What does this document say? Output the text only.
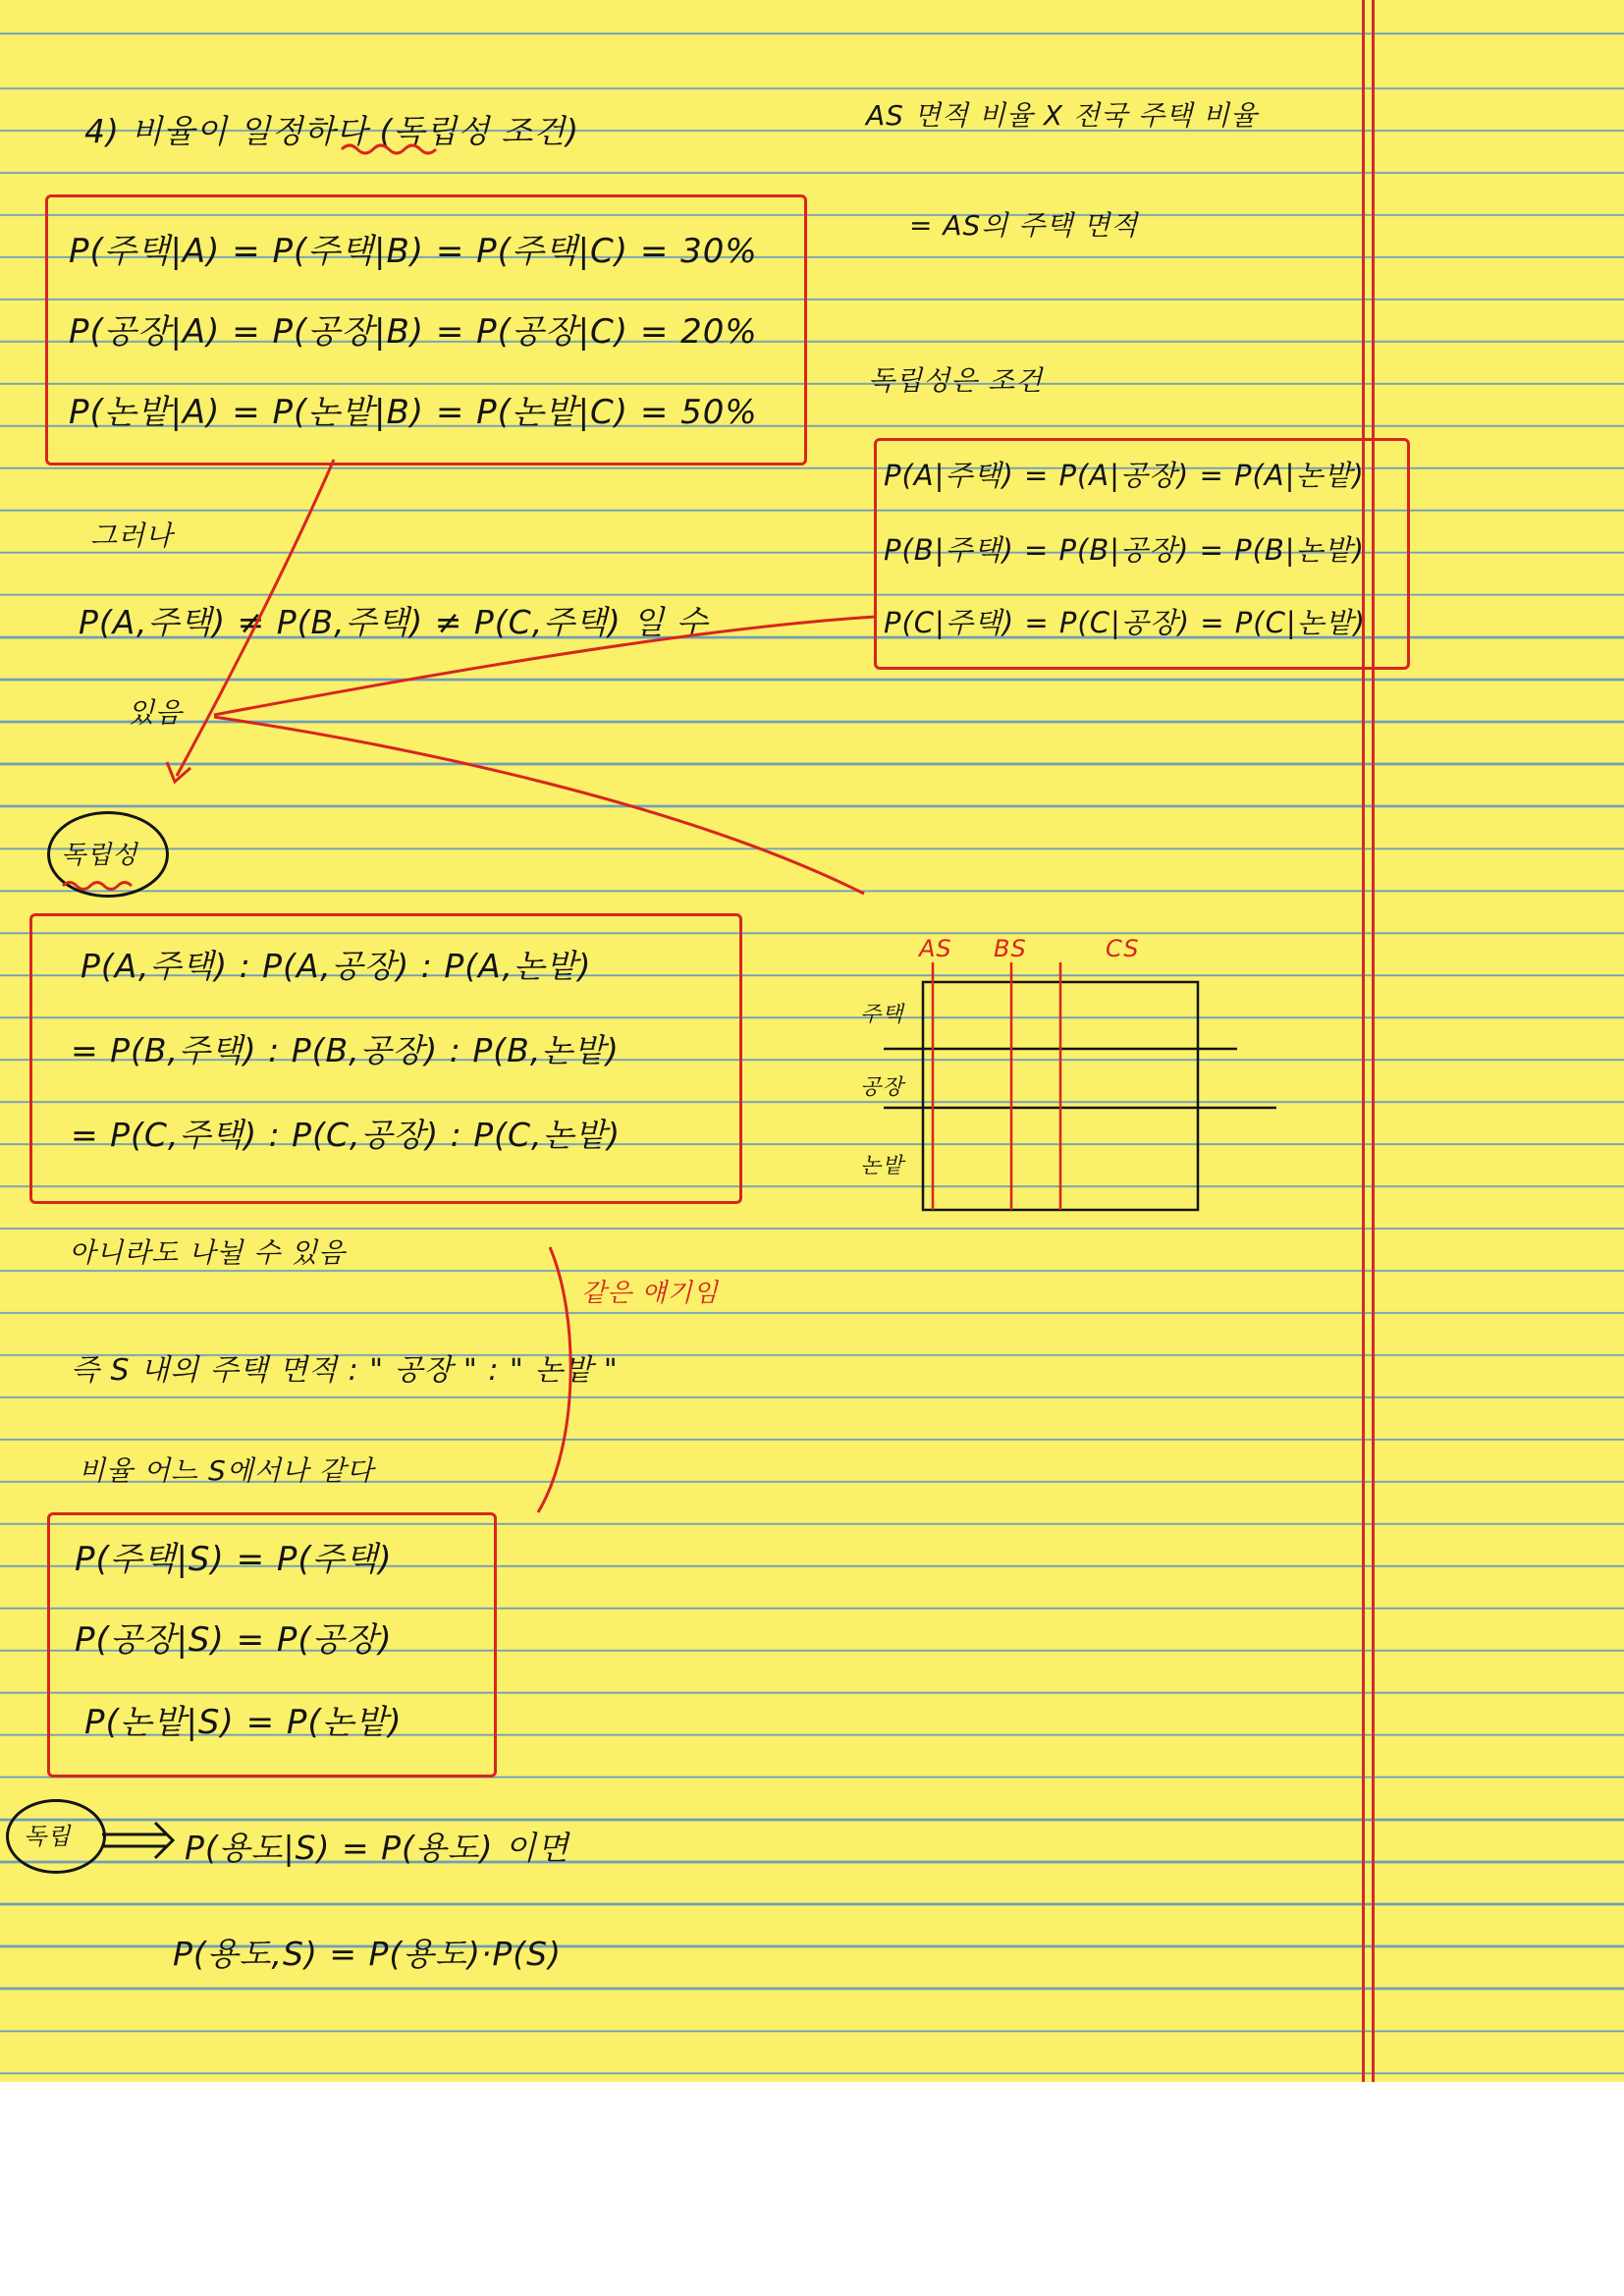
4) 비율이 일정하다 (독립성 조건)
P(주택|A) = P(주택|B) = P(주택|C) = 30%
P(공장|A) = P(공장|B) = P(공장|C) = 20%
P(논밭|A) = P(논밭|B) = P(논밭|C) = 50%
그러나
P(A,주택) ≠ P(B,주택) ≠ P(C,주택) 일 수
있음
독립성
P(A,주택) : P(A,공장) : P(A,논밭)
= P(B,주택) : P(B,공장) : P(B,논밭)
= P(C,주택) : P(C,공장) : P(C,논밭)
아니라도 나뉠 수 있음
같은 얘기임
즉 S 내의 주택 면적 : " 공장 " : " 논밭 "
비율 어느 S에서나 같다
P(주택|S) = P(주택)
P(공장|S) = P(공장)
P(논밭|S) = P(논밭)
독립	P(용도|S) = P(용도) 이면
P(용도,S) = P(용도)·P(S)
AS 면적 비율 X 전국 주택 비율
= AS의 주택 면적
독립성은 조건
P(A|주택) = P(A|공장) = P(A|논밭)
P(B|주택) = P(B|공장) = P(B|논밭)
P(C|주택) = P(C|공장) = P(C|논밭)
AS BS	CS
주택
공장
논밭
